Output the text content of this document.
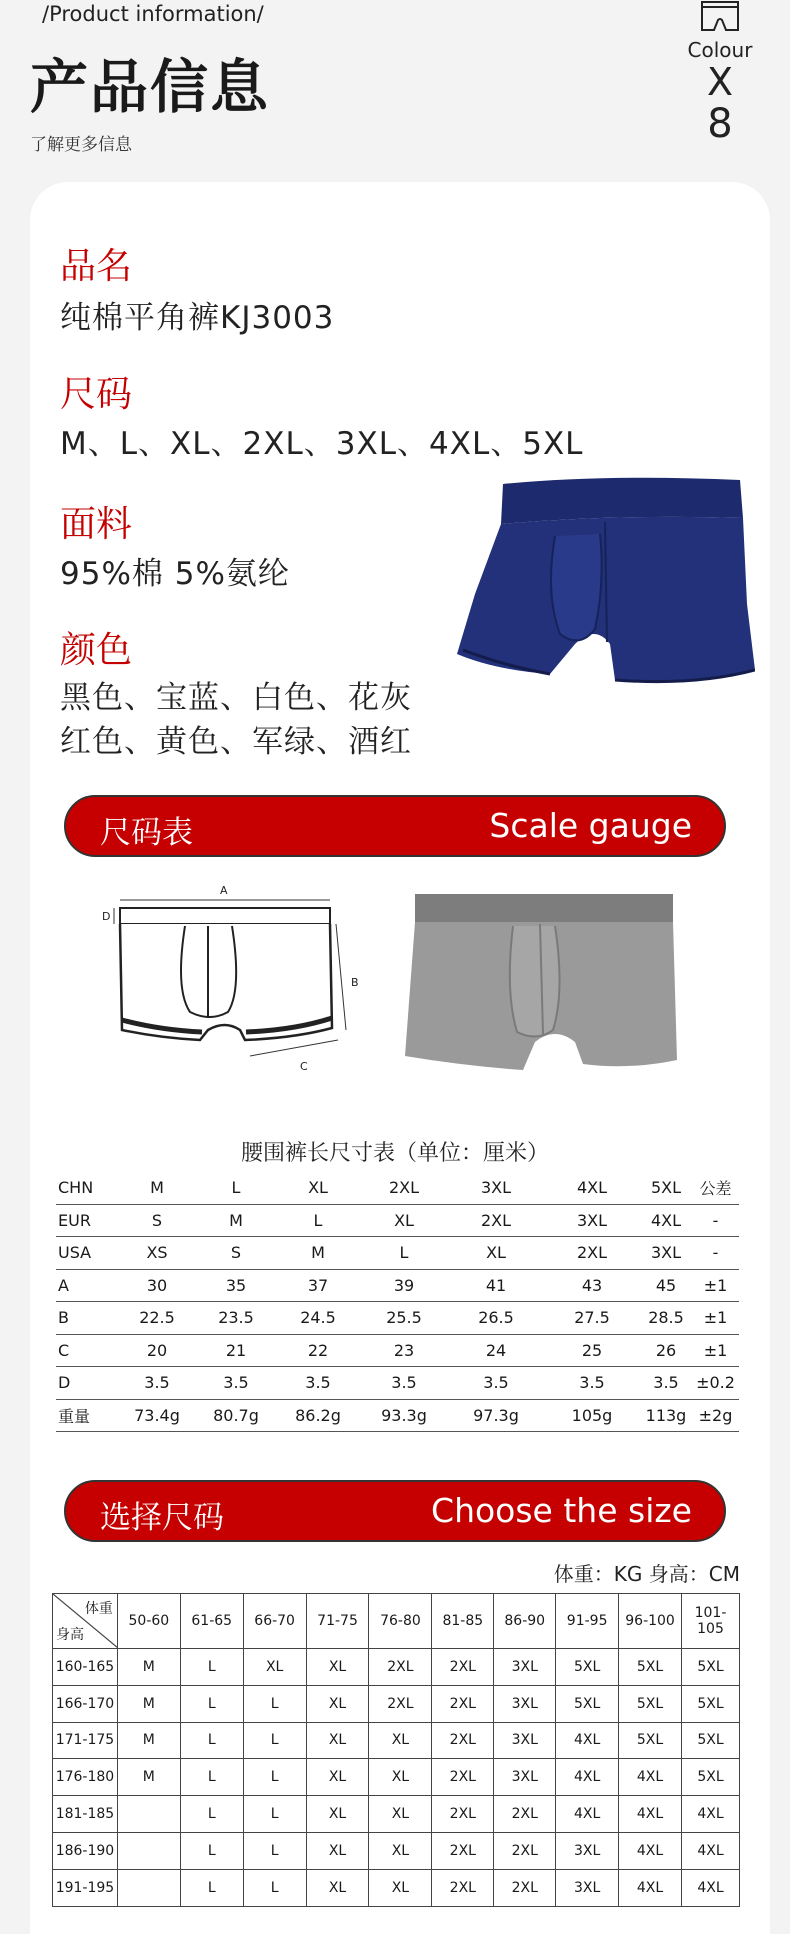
/Product information/
产品信息
了解更多信息
Colour
X
8
品名
纯棉平角裤KJ3003
尺码
M、L、XL、2XL、3XL、4XL、5XL
面料
95%棉 5%氨纶
颜色
黑色、宝蓝、白色、花灰
红色、黄色、军绿、酒红
尺码表	Scale gauge
A
D
B
C
腰围裤长尺寸表（单位：厘米）
CHN	M	L	XL	2XL	3XL	4XL	5XL	公差
EUR	S	M	L	XL	2XL	3XL	4XL	-
USA	XS	S	M	L	XL	2XL	3XL	-
A	30	35	37	39	41	43	45	±1
B	22.5	23.5	24.5	25.5	26.5	27.5	28.5	±1
C	20	21	22	23	24	25	26	±1
D	3.5	3.5	3.5	3.5	3.5	3.5	3.5	±0.2
重量	73.4g	80.7g	86.2g	93.3g	97.3g	105g	113g	±2g
选择尺码	Choose the size
体重：KG 身高：CM
体重
身高	50-60	61-65	66-70	71-75	76-80	81-85	86-90	91-95	96-100	101-105
160-165	M	L	XL	XL	2XL	2XL	3XL	5XL	5XL	5XL
166-170	M	L	L	XL	2XL	2XL	3XL	5XL	5XL	5XL
171-175	M	L	L	XL	XL	2XL	3XL	4XL	5XL	5XL
176-180	M	L	L	XL	XL	2XL	3XL	4XL	4XL	5XL
181-185		L	L	XL	XL	2XL	2XL	4XL	4XL	4XL
186-190		L	L	XL	XL	2XL	2XL	3XL	4XL	4XL
191-195		L	L	XL	XL	2XL	2XL	3XL	4XL	4XL
